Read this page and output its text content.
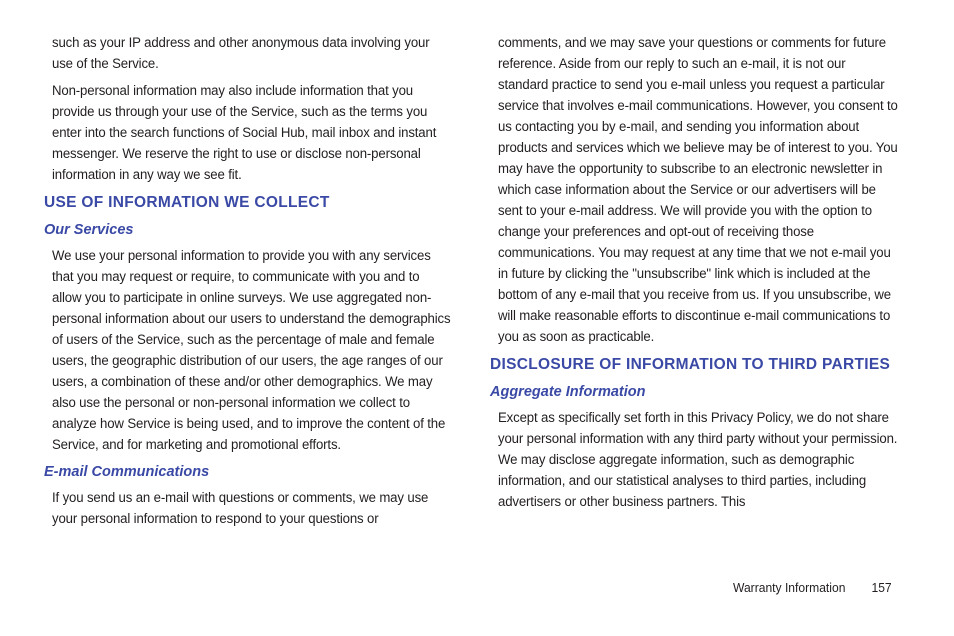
such as your IP address and other anonymous data involving your use of the Service.

Non-personal information may also include information that you provide us through your use of the Service, such as the terms you enter into the search functions of Social Hub, mail inbox and instant messenger. We reserve the right to use or disclose non-personal information in any way we see fit.

USE OF INFORMATION WE COLLECT
Our Services

We use your personal information to provide you with any services that you may request or require, to communicate with you and to allow you to participate in online surveys. We use aggregated non-personal information about our users to understand the demographics of users of the Service, such as the percentage of male and female users, the geographic distribution of our users, the age ranges of our users, a combination of these and/or other demographics. We may also use the personal or non-personal information we collect to analyze how Service is being used, and to improve the content of the Service, and for marketing and promotional efforts.

E-mail Communications

If you send us an e-mail with questions or comments, we may use your personal information to respond to your questions or

comments, and we may save your questions or comments for future reference. Aside from our reply to such an e-mail, it is not our standard practice to send you e-mail unless you request a particular service that involves e-mail communications. However, you consent to us contacting you by e-mail, and sending you information about products and services which we believe may be of interest to you. You may have the opportunity to subscribe to an electronic newsletter in which case information about the Service or our advertisers will be sent to your e-mail address. We will provide you with the option to change your preferences and opt-out of receiving those communications. You may request at any time that we not e-mail you in future by clicking the "unsubscribe" link which is included at the bottom of any e-mail that you receive from us. If you unsubscribe, we will make reasonable efforts to discontinue e-mail communications to you as soon as practicable.

DISCLOSURE OF INFORMATION TO THIRD PARTIES
Aggregate Information

Except as specifically set forth in this Privacy Policy, we do not share your personal information with any third party without your permission. We may disclose aggregate information, such as demographic information, and our statistical analyses to third parties, including advertisers or other business partners. This

Warranty Information 157
